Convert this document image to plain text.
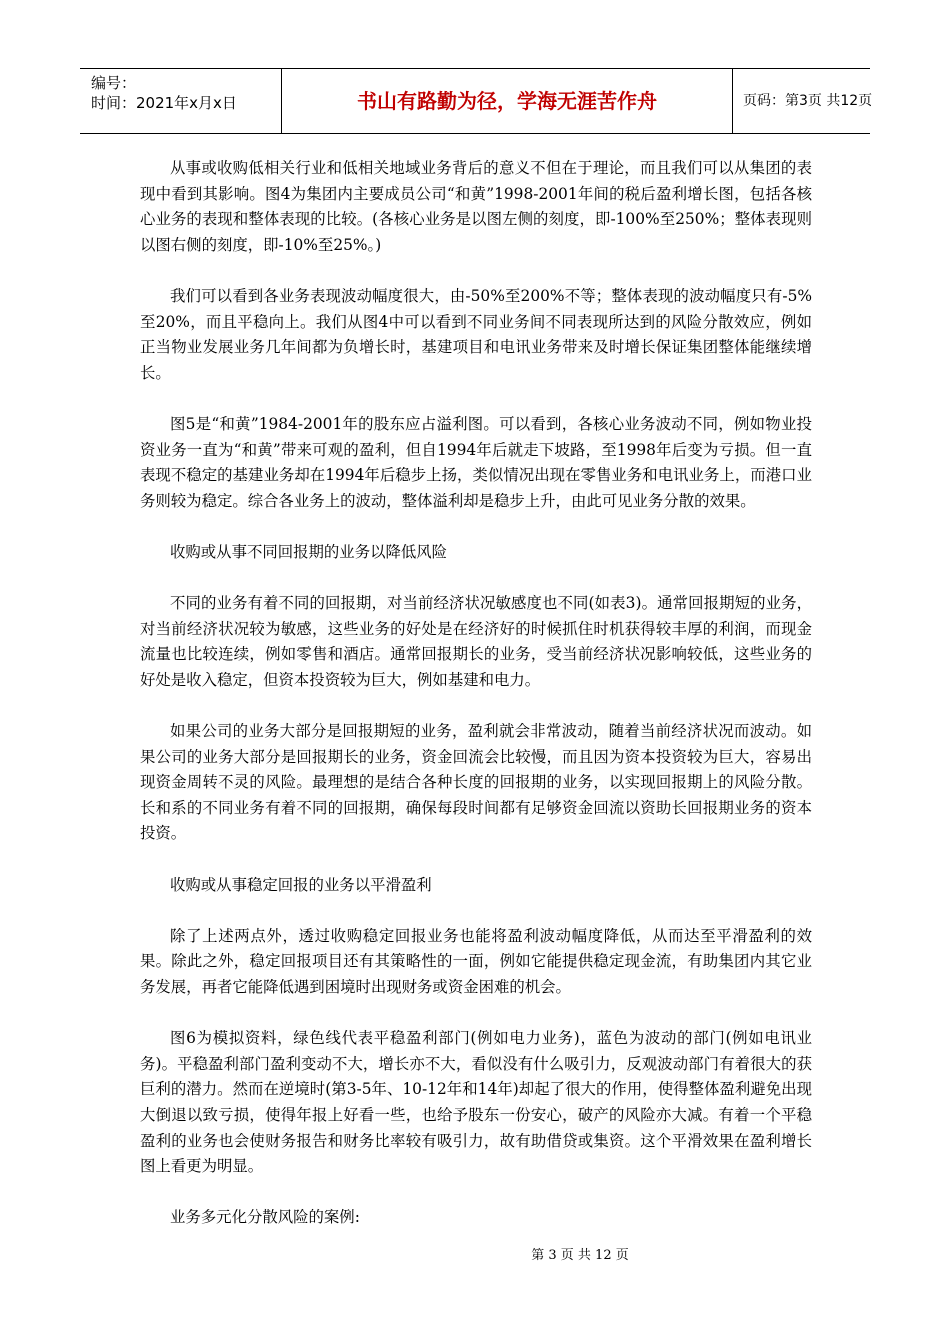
编号：
时间：2021年x月x日	书山有路勤为径，学海无涯苦作舟	页码：第3页 共12页

从事或收购低相关行业和低相关地域业务背后的意义不但在于理论，而且我们可以从集团的表现中看到其影响。图4为集团内主要成员公司“和黄”1998-2001年间的税后盈利增长图，包括各核心业务的表现和整体表现的比较。(各核心业务是以图左侧的刻度，即-100%至250%；整体表现则以图右侧的刻度，即-10%至25%。)

我们可以看到各业务表现波动幅度很大，由-50%至200%不等；整体表现的波动幅度只有-5%至20%，而且平稳向上。我们从图4中可以看到不同业务间不同表现所达到的风险分散效应，例如正当物业发展业务几年间都为负增长时，基建项目和电讯业务带来及时增长保证集团整体能继续增长。

图5是“和黄”1984-2001年的股东应占溢利图。可以看到，各核心业务波动不同，例如物业投资业务一直为“和黄”带来可观的盈利，但自1994年后就走下坡路，至1998年后变为亏损。但一直表现不稳定的基建业务却在1994年后稳步上扬，类似情况出现在零售业务和电讯业务上，而港口业务则较为稳定。综合各业务上的波动，整体溢利却是稳步上升，由此可见业务分散的效果。

收购或从事不同回报期的业务以降低风险

不同的业务有着不同的回报期，对当前经济状况敏感度也不同(如表3)。通常回报期短的业务，对当前经济状况较为敏感，这些业务的好处是在经济好的时候抓住时机获得较丰厚的利润，而现金流量也比较连续，例如零售和酒店。通常回报期长的业务，受当前经济状况影响较低，这些业务的好处是收入稳定，但资本投资较为巨大，例如基建和电力。

如果公司的业务大部分是回报期短的业务，盈利就会非常波动，随着当前经济状况而波动。如果公司的业务大部分是回报期长的业务，资金回流会比较慢，而且因为资本投资较为巨大，容易出现资金周转不灵的风险。最理想的是结合各种长度的回报期的业务，以实现回报期上的风险分散。长和系的不同业务有着不同的回报期，确保每段时间都有足够资金回流以资助长回报期业务的资本投资。

收购或从事稳定回报的业务以平滑盈利

除了上述两点外，透过收购稳定回报业务也能将盈利波动幅度降低，从而达至平滑盈利的效果。除此之外，稳定回报项目还有其策略性的一面，例如它能提供稳定现金流，有助集团内其它业务发展，再者它能降低遇到困境时出现财务或资金困难的机会。

图6为模拟资料，绿色线代表平稳盈利部门(例如电力业务)，蓝色为波动的部门(例如电讯业务)。平稳盈利部门盈利变动不大，增长亦不大，看似没有什么吸引力，反观波动部门有着很大的获巨利的潜力。然而在逆境时(第3-5年、10-12年和14年)却起了很大的作用，使得整体盈利避免出现大倒退以致亏损，使得年报上好看一些，也给予股东一份安心，破产的风险亦大减。有着一个平稳盈利的业务也会使财务报告和财务比率较有吸引力，故有助借贷或集资。这个平滑效果在盈利增长图上看更为明显。

业务多元化分散风险的案例:

第 3 页 共 12 页
